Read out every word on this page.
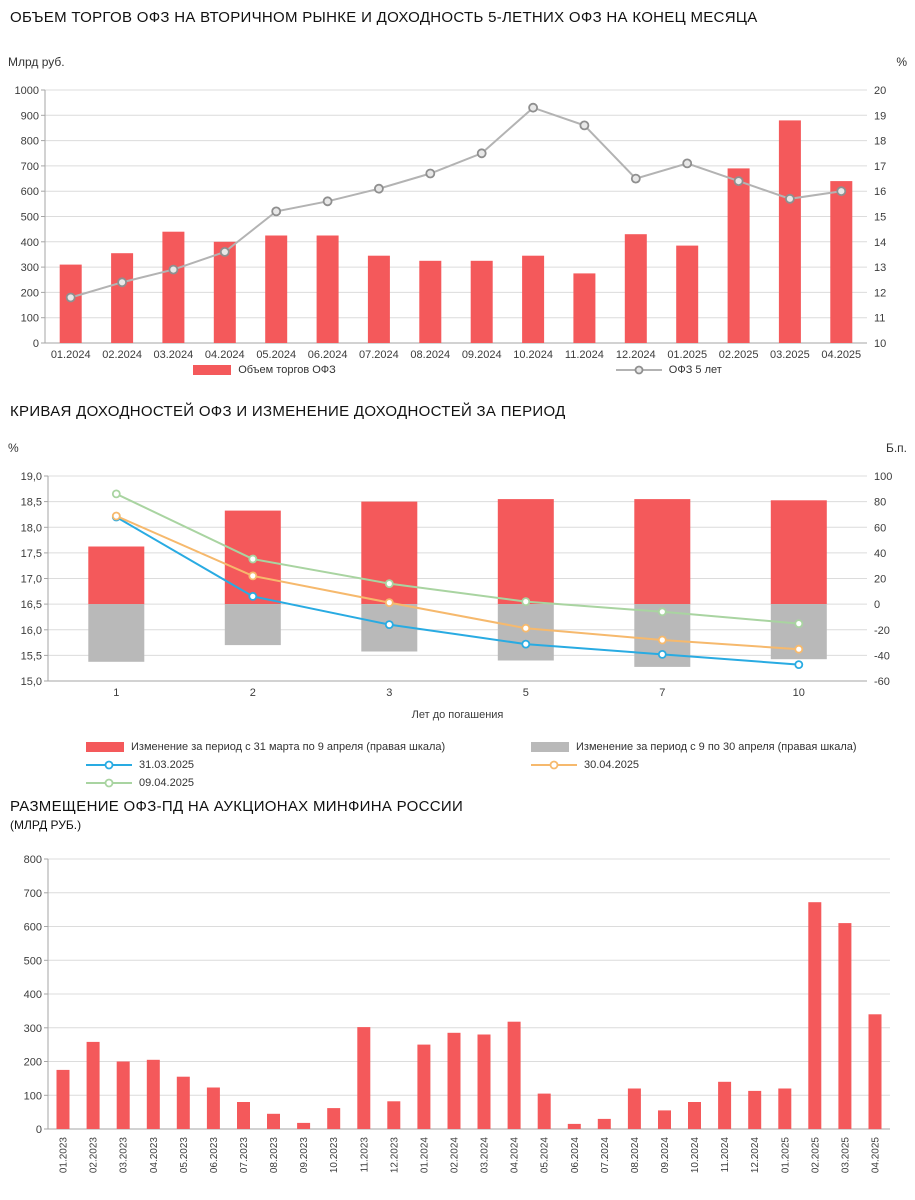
ОБЪЕМ ТОРГОВ ОФЗ НА ВТОРИЧНОМ РЫНКЕ И ДОХОДНОСТЬ 5-ЛЕТНИХ ОФЗ НА КОНЕЦ МЕСЯЦА
Млрд руб.	%
0
100
200
300
400
500
600
700
800
900
1000
10
11
12
13
14
15
16
17
18
19
20
01.2024 02.2024 03.2024 04.2024 05.2024 06.2024 07.2024 08.2024 09.2024 10.2024 11.2024 12.2024 01.2025 02.2025 03.2025 04.2025
Объем торгов ОФЗ	ОФЗ 5 лет
КРИВАЯ ДОХОДНОСТЕЙ ОФЗ И ИЗМЕНЕНИЕ ДОХОДНОСТЕЙ ЗА ПЕРИОД
%	Б.п.
15,0
15,5
16,0
16,5
17,0
17,5
18,0
18,5
19,0
-60
-40
-20
0
20
40
60
80
100
1	2	3	5	7	10
Лет до погашения
Изменение за период с 31 марта по 9 апреля (правая шкала)
31.03.2025
09.04.2025
Изменение за период с 9 по 30 апреля (правая шкала)
30.04.2025
РАЗМЕЩЕНИЕ ОФЗ-ПД НА АУКЦИОНАХ МИНФИНА РОССИИ
(МЛРД РУБ.)
0
100
200
300
400
500
600
700
800
01.2023 02.2023 03.2023 04.2023 05.2023 06.2023 07.2023 08.2023 09.2023 10.2023 11.2023 12.2023 01.2024 02.2024 03.2024 04.2024 05.2024 06.2024 07.2024 08.2024 09.2024 10.2024 11.2024 12.2024 01.2025 02.2025 03.2025 04.2025
